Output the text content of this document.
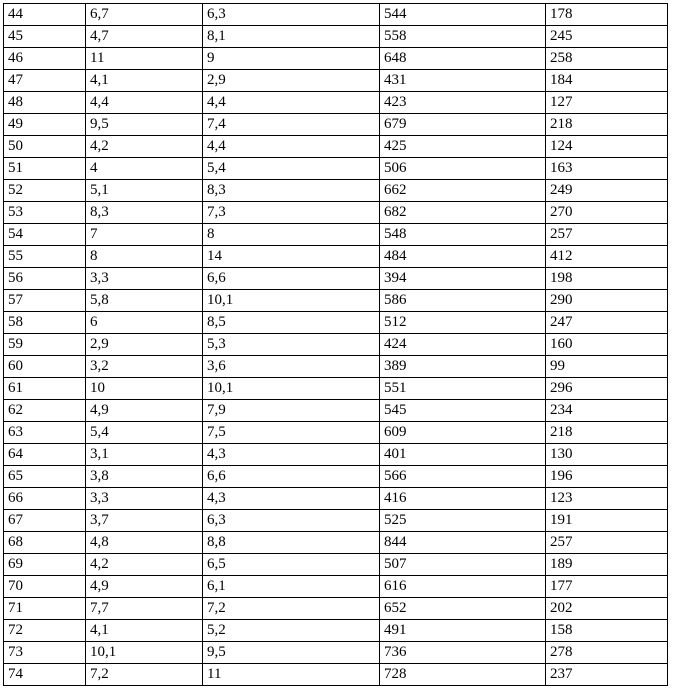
44	6,7	6,3	544	178
45	4,7	8,1	558	245
46	11	9	648	258
47	4,1	2,9	431	184
48	4,4	4,4	423	127
49	9,5	7,4	679	218
50	4,2	4,4	425	124
51	4	5,4	506	163
52	5,1	8,3	662	249
53	8,3	7,3	682	270
54	7	8	548	257
55	8	14	484	412
56	3,3	6,6	394	198
57	5,8	10,1	586	290
58	6	8,5	512	247
59	2,9	5,3	424	160
60	3,2	3,6	389	99
61	10	10,1	551	296
62	4,9	7,9	545	234
63	5,4	7,5	609	218
64	3,1	4,3	401	130
65	3,8	6,6	566	196
66	3,3	4,3	416	123
67	3,7	6,3	525	191
68	4,8	8,8	844	257
69	4,2	6,5	507	189
70	4,9	6,1	616	177
71	7,7	7,2	652	202
72	4,1	5,2	491	158
73	10,1	9,5	736	278
74	7,2	11	728	237
